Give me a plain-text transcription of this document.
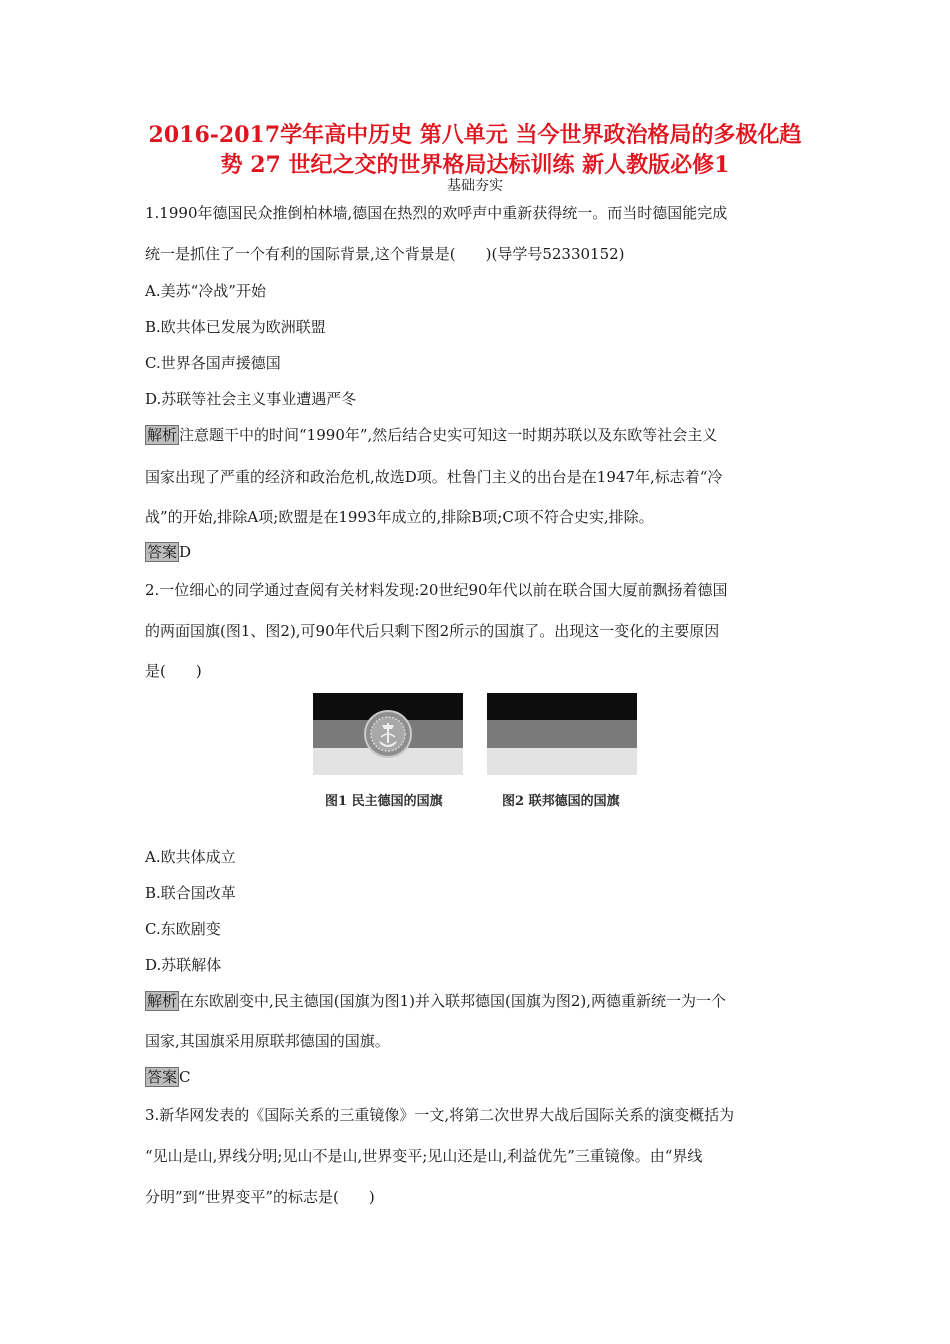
2016-2017学年高中历史 第八单元 当今世界政治格局的多极化趋
势 27 世纪之交的世界格局达标训练 新人教版必修1
基础夯实
1.1990年德国民众推倒柏林墙,德国在热烈的欢呼声中重新获得统一。而当时德国能完成
统一是抓住了一个有利的国际背景,这个背景是(　　)(导学号52330152)
A.美苏“冷战”开始
B.欧共体已发展为欧洲联盟
C.世界各国声援德国
D.苏联等社会主义事业遭遇严冬
解析 注意题干中的时间“1990年”,然后结合史实可知这一时期苏联以及东欧等社会主义
国家出现了严重的经济和政治危机,故选D项。杜鲁门主义的出台是在1947年,标志着“冷
战”的开始,排除A项;欧盟是在1993年成立的,排除B项;C项不符合史实,排除。
答案 D
2.一位细心的同学通过查阅有关材料发现:20世纪90年代以前在联合国大厦前飘扬着德国
的两面国旗(图1、图2),可90年代后只剩下图2所示的国旗了。出现这一变化的主要原因
是(　　)
图1 民主德国的国旗	图2 联邦德国的国旗
A.欧共体成立
B.联合国改革
C.东欧剧变
D.苏联解体
解析 在东欧剧变中,民主德国(国旗为图1)并入联邦德国(国旗为图2),两德重新统一为一个
国家,其国旗采用原联邦德国的国旗。
答案 C
3.新华网发表的《国际关系的三重镜像》一文,将第二次世界大战后国际关系的演变概括为
“见山是山,界线分明;见山不是山,世界变平;见山还是山,利益优先”三重镜像。由“界线
分明”到“世界变平”的标志是(　　)
